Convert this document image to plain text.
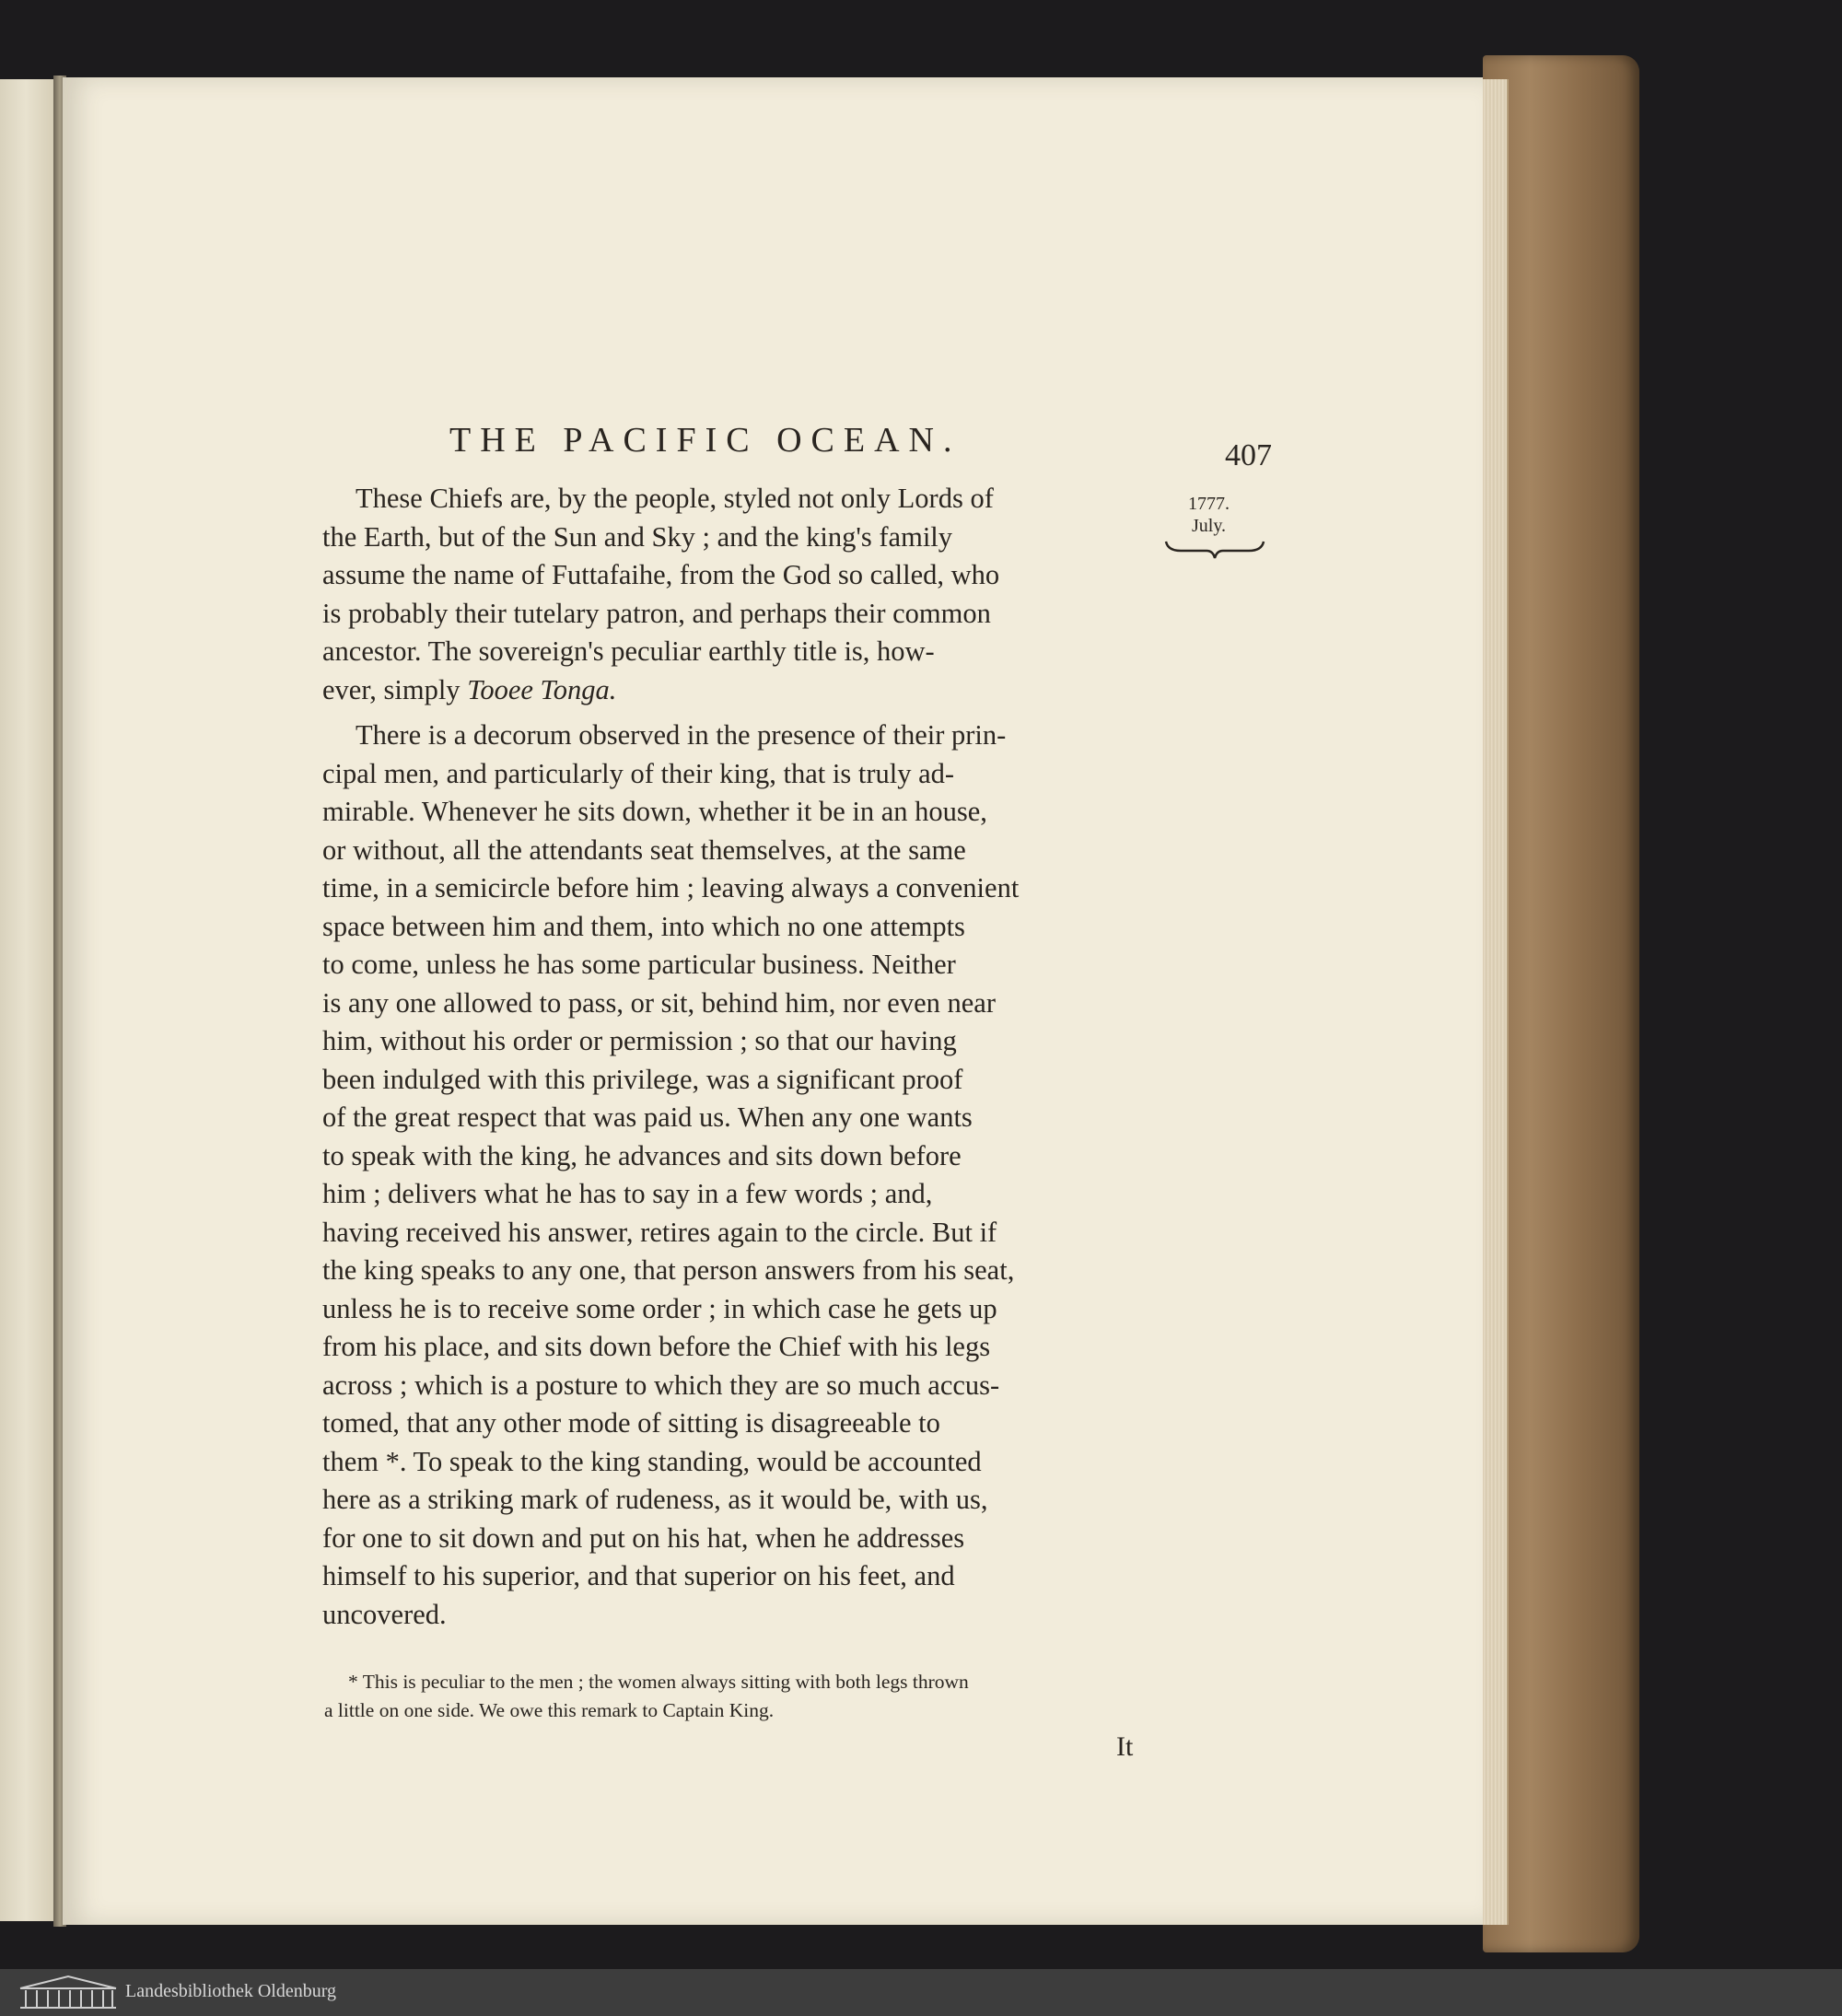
THE PACIFIC OCEAN.	407
1777.
July.
These Chiefs are, by the people, styled not only Lords of
the Earth, but of the Sun and Sky ; and the king's family
assume the name of Futtafaihe, from the God so called, who
is probably their tutelary patron, and perhaps their common
ancestor. The sovereign's peculiar earthly title is, how-
ever, simply Tooee Tonga.
There is a decorum observed in the presence of their prin-
cipal men, and particularly of their king, that is truly ad-
mirable. Whenever he sits down, whether it be in an house,
or without, all the attendants seat themselves, at the same
time, in a semicircle before him ; leaving always a convenient
space between him and them, into which no one attempts
to come, unless he has some particular business. Neither
is any one allowed to pass, or sit, behind him, nor even near
him, without his order or permission ; so that our having
been indulged with this privilege, was a significant proof
of the great respect that was paid us. When any one wants
to speak with the king, he advances and sits down before
him ; delivers what he has to say in a few words ; and,
having received his answer, retires again to the circle. But if
the king speaks to any one, that person answers from his seat,
unless he is to receive some order ; in which case he gets up
from his place, and sits down before the Chief with his legs
across ; which is a posture to which they are so much accus-
tomed, that any other mode of sitting is disagreeable to
them *. To speak to the king standing, would be accounted
here as a striking mark of rudeness, as it would be, with us,
for one to sit down and put on his hat, when he addresses
himself to his superior, and that superior on his feet, and
uncovered.
* This is peculiar to the men ; the women always sitting with both legs thrown
a little on one side. We owe this remark to Captain King.
It
Landesbibliothek Oldenburg
